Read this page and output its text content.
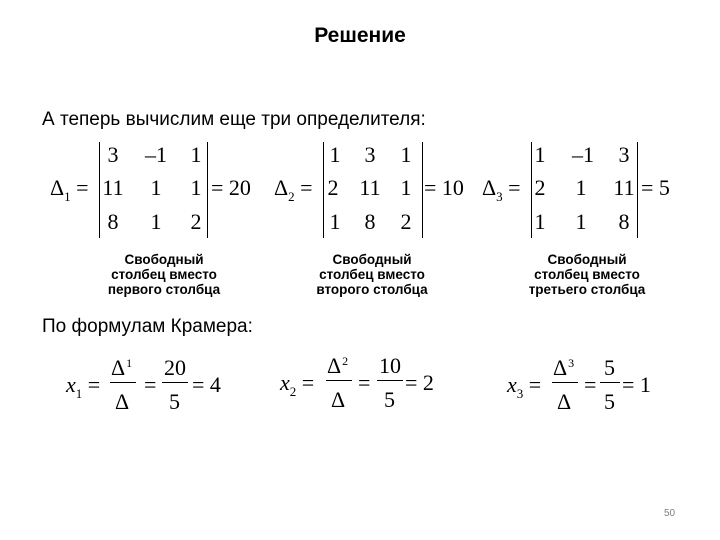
Решение
А теперь вычислим еще три определителя:
$\Delta_1$ =
3	–1	1
11	1	1
8	1	2
= 20
Свободный
столбец вместо
первого столбца
$\Delta_2$ =
1	3	1
2 11 1
1	8	2
= 10
Свободный
столбец вместо
второго столбца
$\Delta_3$ =
1	–1	3
2	1	11
1	1	8
= 5
Свободный
столбец вместо
третьего столбца
По формулам Крамера:
$x_1$ =
$\Delta^1$
Δ
=
20
5
= 4	$x_2$ =
$\Delta^2$
Δ
=
10
5
= 2	$x_3$ =
$\Delta^3$
Δ
=
5
5
= 1
50
